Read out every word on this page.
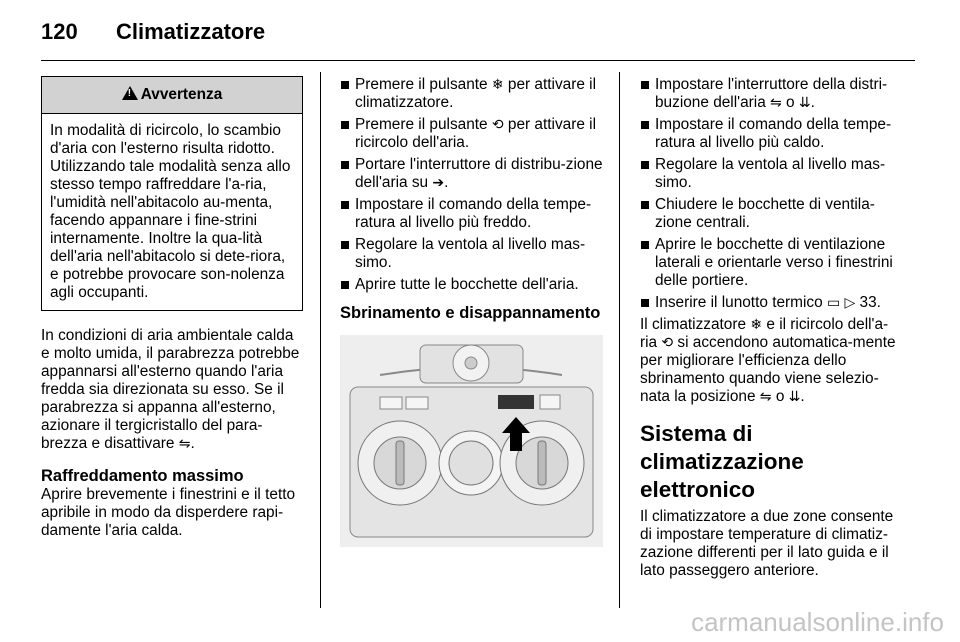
120 Climatizzatore
!Avvertenza
In modalità di ricircolo, lo scambio d'aria con l'esterno risulta ridotto. Utilizzando tale modalità senza allo stesso tempo raffreddare l'a-ria, l'umidità nell'abitacolo au-menta, facendo appannare i fine-strini internamente. Inoltre la qua-lità dell'aria nell'abitacolo si dete-riora, e potrebbe provocare son-nolenza agli occupanti.

In condizioni di aria ambientale calda e molto umida, il parabrezza potrebbe appannarsi all'esterno quando l'aria fredda sia direzionata su esso. Se il parabrezza si appanna all'esterno, azionare il tergicristallo del para-brezza e disattivare ⇋.

Raffreddamento massimo

Aprire brevemente i finestrini e il tetto apribile in modo da disperdere rapi-damente l'aria calda.

Premere il pulsante ❄ per attivare il climatizzatore.
Premere il pulsante ⟲ per attivare il ricircolo dell'aria.
Portare l'interruttore di distribu-zione dell'aria su ➔.
Impostare il comando della tempe-ratura al livello più freddo.
Regolare la ventola al livello mas-simo.
Aprire tutte le bocchette dell'aria.
Sbrinamento e disappannamento
Impostare l'interruttore della distri-buzione dell'aria ⇋ o ⇊.
Impostare il comando della tempe-ratura al livello più caldo.
Regolare la ventola al livello mas-simo.
Chiudere le bocchette di ventila-zione centrali.
Aprire le bocchette di ventilazione laterali e orientarle verso i finestrini delle portiere.
Inserire il lunotto termico ▭ ▷ 33.

Il climatizzatore ❄ e il ricircolo dell'a-ria ⟲ si accendono automatica-mente per migliorare l'efficienza dello sbrinamento quando viene selezio-nata la posizione ⇋ o ⇊.

Sistema di climatizzazione elettronico

Il climatizzatore a due zone consente di impostare temperature di climatiz-zazione differenti per il lato guida e il lato passeggero anteriore.

carmanualsonline.info
